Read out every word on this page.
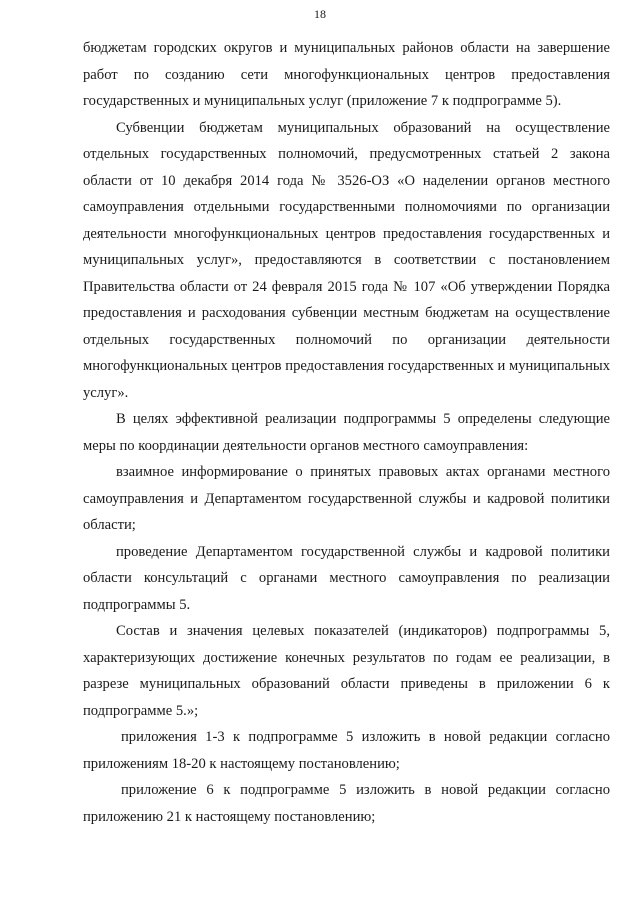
18

бюджетам городских округов и муниципальных районов области на завершение работ по созданию сети многофункциональных центров предоставления государственных и муниципальных услуг (приложение 7 к подпрограмме 5).

Субвенции бюджетам муниципальных образований на осуществление отдельных государственных полномочий, предусмотренных статьей 2 закона области от 10 декабря 2014 года № 3526-ОЗ «О наделении органов местного самоуправления отдельными государственными полномочиями по организации деятельности многофункциональных центров предоставления государственных и муниципальных услуг», предоставляются в соответствии с постановлением Правительства области от 24 февраля 2015 года № 107 «Об утверждении Порядка предоставления и расходования субвенции местным бюджетам на осуществление отдельных государственных полномочий по организации деятельности многофункциональных центров предоставления государственных и муниципальных услуг».

В целях эффективной реализации подпрограммы 5 определены следующие меры по координации деятельности органов местного самоуправления:

взаимное информирование о принятых правовых актах органами местного самоуправления и Департаментом государственной службы и кадровой политики области;

проведение Департаментом государственной службы и кадровой политики области консультаций с органами местного самоуправления по реализации подпрограммы 5.

Состав и значения целевых показателей (индикаторов) подпрограммы 5, характеризующих достижение конечных результатов по годам ее реализации, в разрезе муниципальных образований области приведены в приложении 6 к подпрограмме 5.»;

приложения 1-3 к подпрограмме 5 изложить в новой редакции согласно приложениям 18-20 к настоящему постановлению;

приложение 6 к подпрограмме 5 изложить в новой редакции согласно приложению 21 к настоящему постановлению;
